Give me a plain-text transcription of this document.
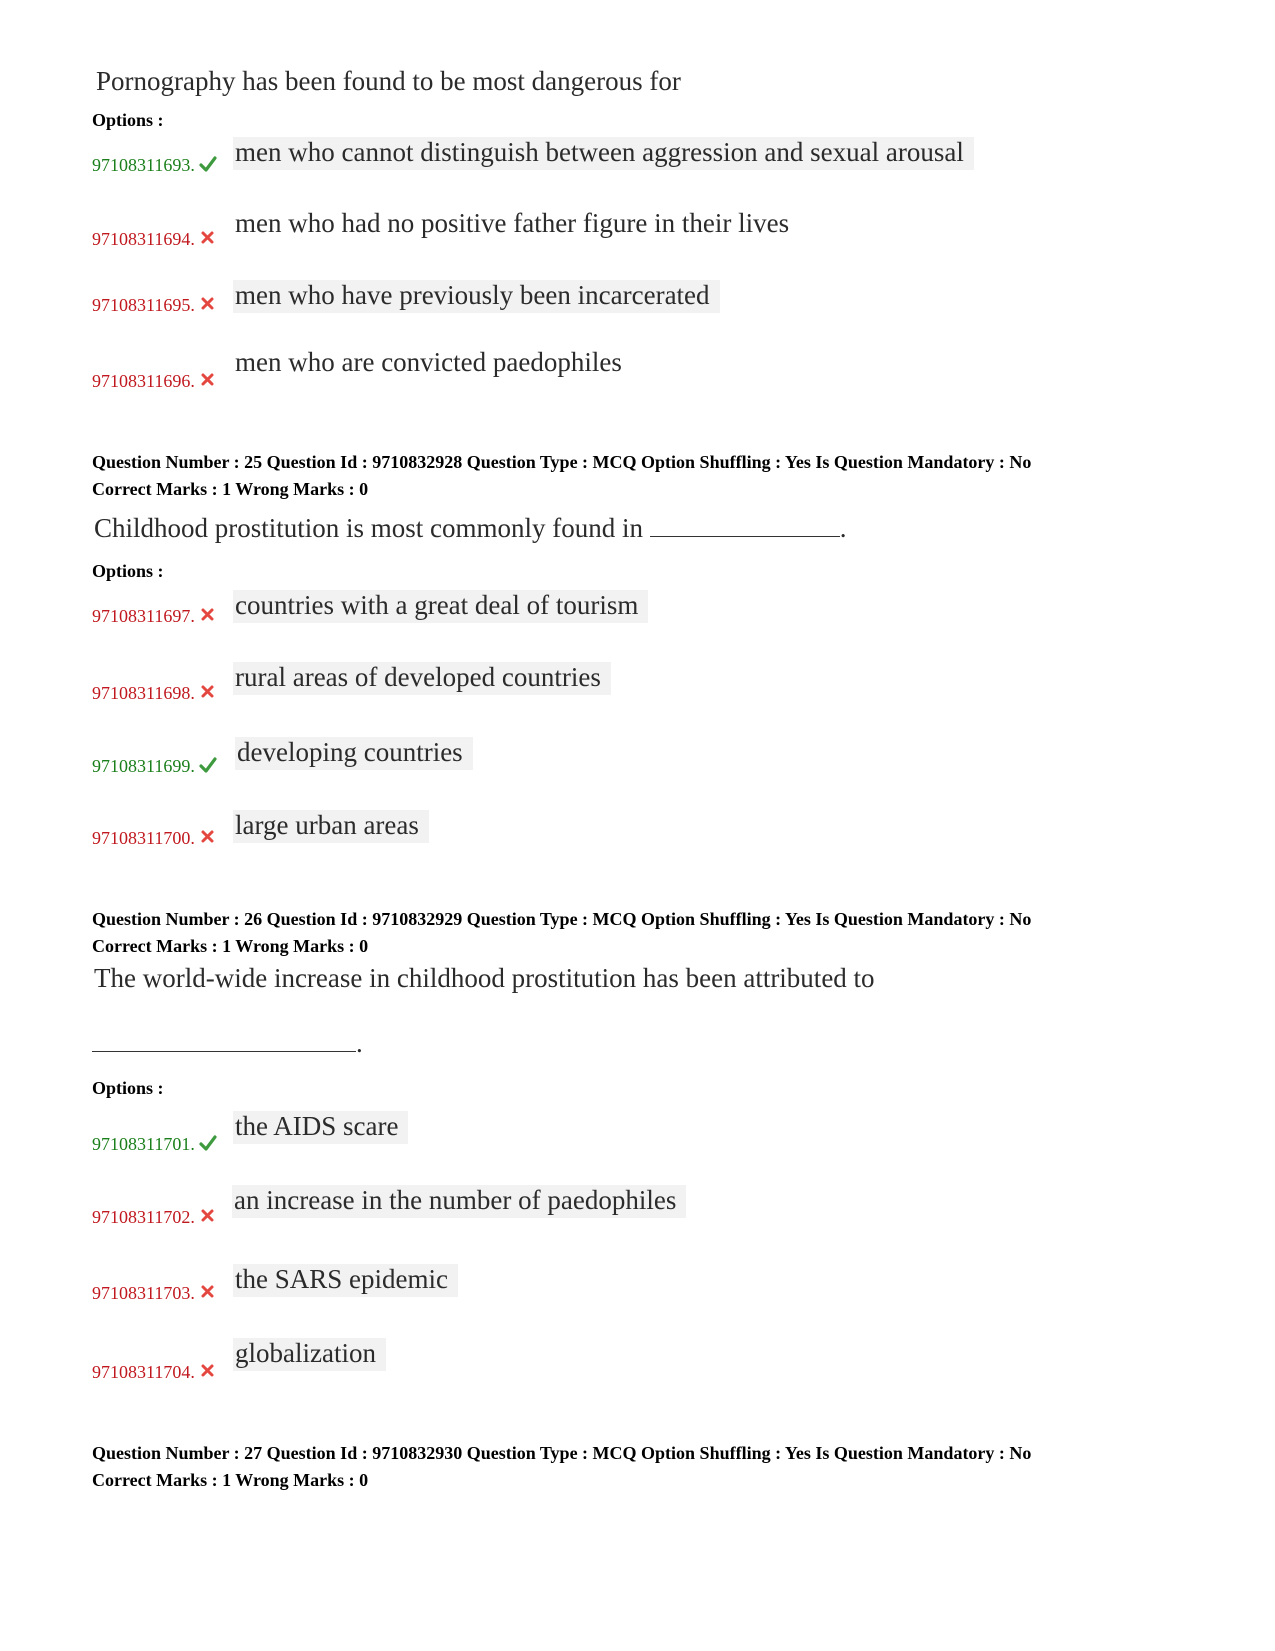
Pornography has been found to be most dangerous for
Options :
97108311693.	men who cannot distinguish between aggression and sexual arousal
97108311694.
men who had no positive father figure in their lives
97108311695.	men who have previously been incarcerated
97108311696.
men who are convicted paedophiles
Question Number : 25 Question Id : 9710832928 Question Type : MCQ Option Shuffling : Yes Is Question Mandatory : No
Correct Marks : 1 Wrong Marks : 0
Childhood prostitution is most commonly found in	.
Options :
97108311697.	countries with a great deal of tourism
97108311698.
rural areas of developed countries
97108311699.	developing countries
97108311700.	large urban areas
Question Number : 26 Question Id : 9710832929 Question Type : MCQ Option Shuffling : Yes Is Question Mandatory : No
Correct Marks : 1 Wrong Marks : 0
The world-wide increase in childhood prostitution has been attributed to
.
Options :
97108311701.
the AIDS scare
97108311702.
an increase in the number of paedophiles
97108311703.	the SARS epidemic
97108311704.
globalization
Question Number : 27 Question Id : 9710832930 Question Type : MCQ Option Shuffling : Yes Is Question Mandatory : No
Correct Marks : 1 Wrong Marks : 0
